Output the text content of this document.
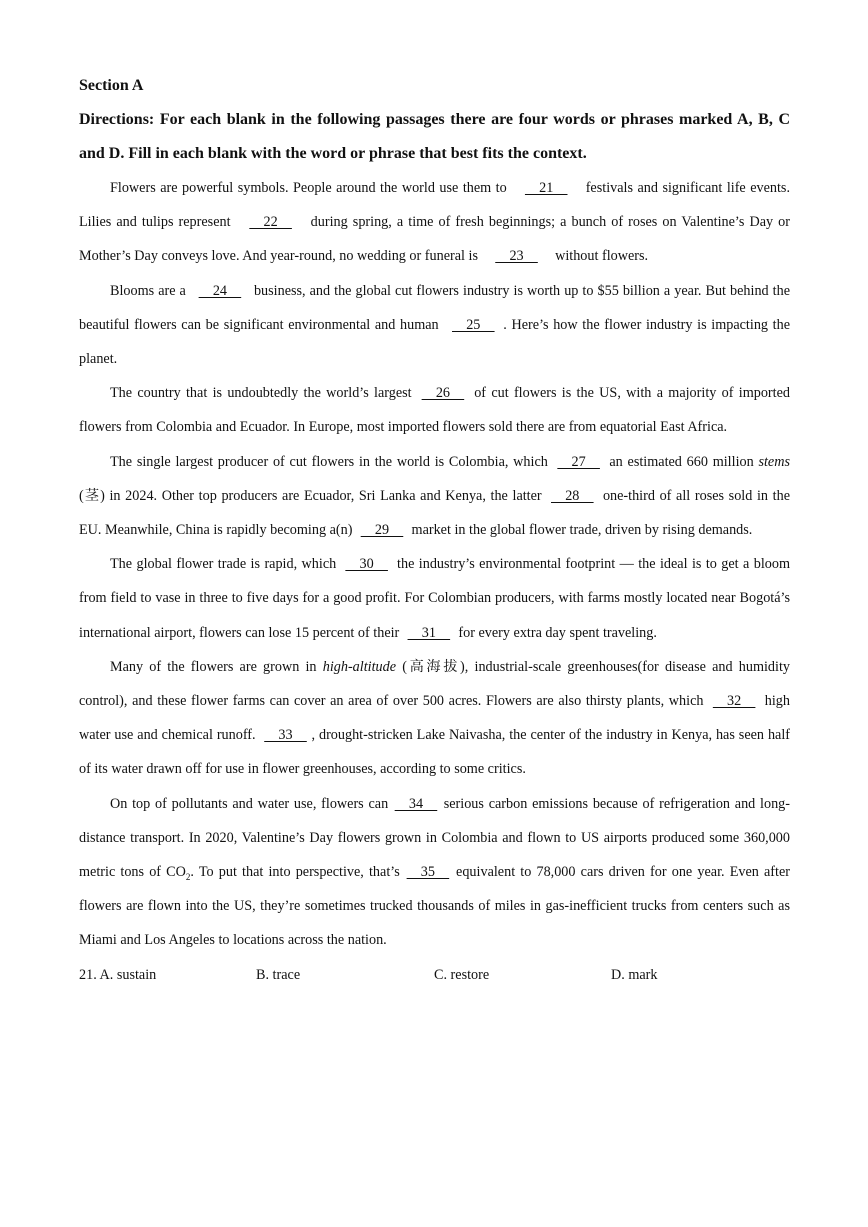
Section A

Directions: For each blank in the following passages there are four words or phrases marked A, B, C and D. Fill in each blank with the word or phrase that best fits the context.

Flowers are powerful symbols. People around the world use them to     21     festivals and significant life events. Lilies and tulips represent     22     during spring, a time of fresh beginnings; a bunch of roses on Valentine’s Day or Mother’s Day conveys love. And year-round, no wedding or funeral is     23     without flowers.

Blooms are a     24     business, and the global cut flowers industry is worth up to $55 billion a year. But behind the beautiful flowers can be significant environmental and human     25    . Here’s how the flower industry is impacting the planet.

The country that is undoubtedly the world’s largest     26     of cut flowers is the US, with a majority of imported flowers from Colombia and Ecuador. In Europe, most imported flowers sold there are from equatorial East Africa.

The single largest producer of cut flowers in the world is Colombia, which     27     an estimated 660 million stems (茎) in 2024. Other top producers are Ecuador, Sri Lanka and Kenya, the latter     28     one-third of all roses sold in the EU. Meanwhile, China is rapidly becoming a(n)     29     market in the global flower trade, driven by rising demands.

The global flower trade is rapid, which     30     the industry’s environmental footprint — the ideal is to get a bloom from field to vase in three to five days for a good profit. For Colombian producers, with farms mostly located near Bogotá’s international airport, flowers can lose 15 percent of their     31     for every extra day spent traveling.

Many of the flowers are grown in high-altitude (高海拔), industrial-scale greenhouses(for disease and humidity control), and these flower farms can cover an area of over 500 acres. Flowers are also thirsty plants, which     32     high water use and chemical runoff.     33    , drought-stricken Lake Naivasha, the center of the industry in Kenya, has seen half of its water drawn off for use in flower greenhouses, according to some critics.

On top of pollutants and water use, flowers can     34     serious carbon emissions because of refrigeration and long-distance transport. In 2020, Valentine’s Day flowers grown in Colombia and flown to US airports produced some 360,000 metric tons of $CO_2$. To put that into perspective, that’s     35     equivalent to 78,000 cars driven for one year. Even after flowers are flown into the US, they’re sometimes trucked thousands of miles in gas-inefficient trucks from centers such as Miami and Los Angeles to locations across the nation.

21. A. sustain	B. trace	C. restore	D. mark
